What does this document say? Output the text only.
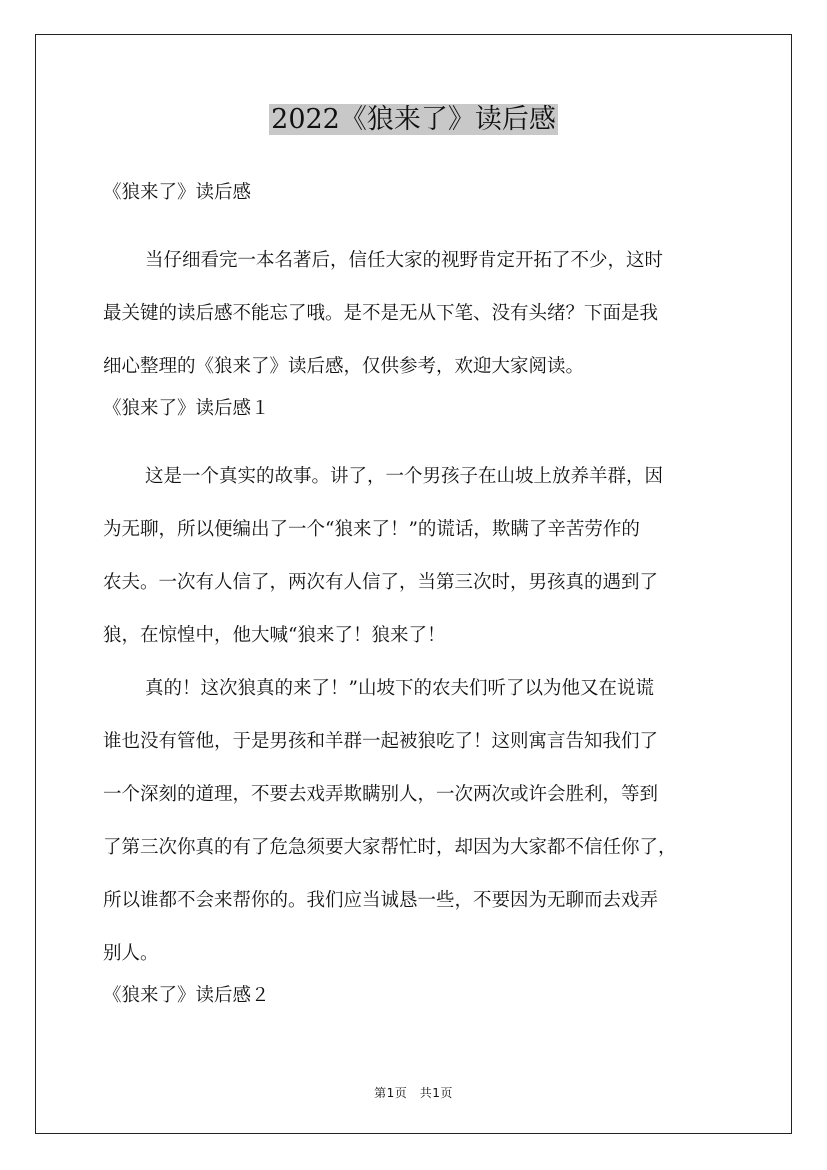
2022《狼来了》读后感
《狼来了》读后感
当仔细看完一本名著后，信任大家的视野肯定开拓了不少，这时
最关键的读后感不能忘了哦。是不是无从下笔、没有头绪？下面是我
细心整理的《狼来了》读后感，仅供参考，欢迎大家阅读。
《狼来了》读后感１
这是一个真实的故事。讲了，一个男孩子在山坡上放养羊群，因
为无聊，所以便编出了一个“狼来了！”的谎话，欺瞒了辛苦劳作的
农夫。一次有人信了，两次有人信了，当第三次时，男孩真的遇到了
狼，在惊惶中，他大喊“狼来了！狼来了！
真的！这次狼真的来了！”山坡下的农夫们听了以为他又在说谎
谁也没有管他，于是男孩和羊群一起被狼吃了！这则寓言告知我们了
一个深刻的道理，不要去戏弄欺瞒别人，一次两次或许会胜利，等到
了第三次你真的有了危急须要大家帮忙时，却因为大家都不信任你了，
所以谁都不会来帮你的。我们应当诚恳一些，不要因为无聊而去戏弄
别人。
《狼来了》读后感２
第1页　共1页
